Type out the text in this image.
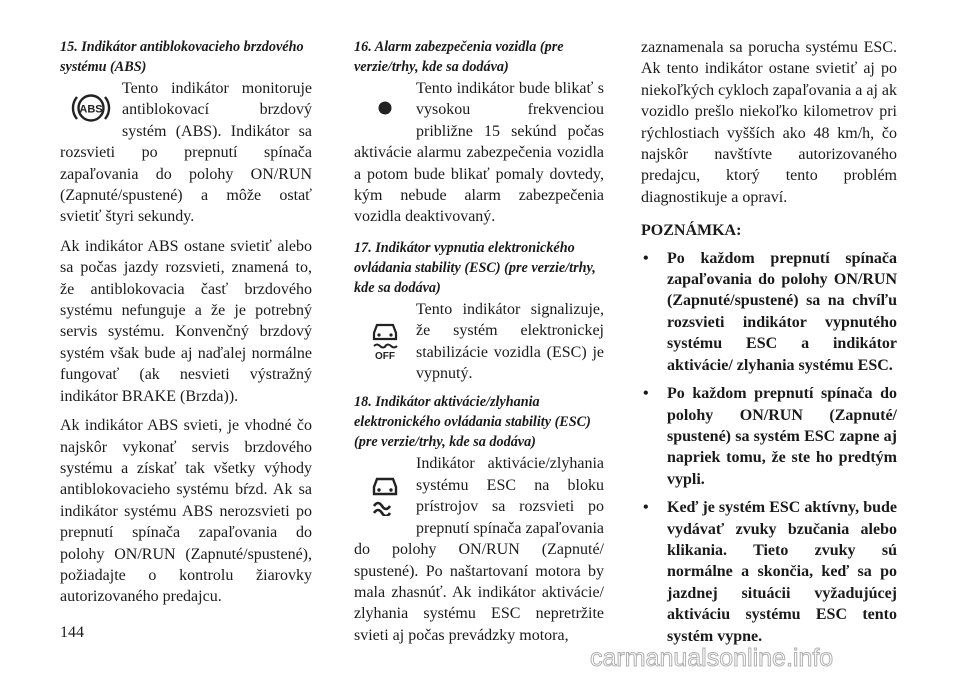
15. Indikátor antiblokovacieho brzdového systému (ABS)
ABS

Tento indikátor monitoruje antiblokovací brzdový systém (ABS). Indikátor sa rozsvieti po prepnutí spínača zapaľovania do polohy ON/RUN (Zapnuté/spustené) a môže ostať svietiť štyri sekundy.

Ak indikátor ABS ostane svietiť alebo sa počas jazdy rozsvieti, znamená to, že antiblokovacia časť brzdového systému nefunguje a že je potrebný servis systému. Konvenčný brzdový systém však bude aj naďalej normálne fungovať (ak nesvieti výstražný indikátor BRAKE (Brzda)).

Ak indikátor ABS svieti, je vhodné čo najskôr vykonať servis brzdového systému a získať tak všetky výhody antiblokovacieho systému bŕzd. Ak sa indikátor systému ABS nerozsvieti po prepnutí spínača zapaľovania do polohy ON/RUN (Zapnuté/spustené), požiadajte o kontrolu žiarovky autorizovaného predajcu.

16. Alarm zabezpečenia vozidla (pre verzie/trhy, kde sa dodáva)

Tento indikátor bude blikať s vysokou frekvenciou približne 15 sekúnd počas aktivácie alarmu zabezpečenia vozidla a potom bude blikať pomaly dovtedy, kým nebude alarm zabezpečenia vozidla deaktivovaný.

17. Indikátor vypnutia elektronického ovládania stability (ESC) (pre verzie/trhy, kde sa dodáva)
OFF

Tento indikátor signalizuje, že systém elektronickej stabilizácie vozidla (ESC) je vypnutý.

18. Indikátor aktivácie/zlyhania elektronického ovládania stability (ESC) (pre verzie/trhy, kde sa dodáva)

Indikátor aktivácie/zlyhania systému ESC na bloku prístrojov sa rozsvieti po prepnutí spínača zapaľovania do polohy ON/RUN (Zapnuté/ spustené). Po naštartovaní motora by mala zhasnúť. Ak indikátor aktivácie/ zlyhania systému ESC nepretržite svieti aj počas prevádzky motora,

zaznamenala sa porucha systému ESC. Ak tento indikátor ostane svietiť aj po niekoľkých cykloch zapaľovania a aj ak vozidlo prešlo niekoľko kilometrov pri rýchlostiach vyšších ako 48 km/h, čo najskôr navštívte autorizovaného predajcu, ktorý tento problém diagnostikuje a opraví.

POZNÁMKA:
• Po každom prepnutí spínača zapaľovania do polohy ON/RUN (Zapnuté/spustené) sa na chvíľu rozsvieti indikátor vypnutého systému ESC a indikátor aktivácie/ zlyhania systému ESC.
• Po každom prepnutí spínača do polohy ON/RUN (Zapnuté/ spustené) sa systém ESC zapne aj napriek tomu, že ste ho predtým vypli.
• Keď je systém ESC aktívny, bude vydávať zvuky bzučania alebo klikania. Tieto zvuky sú normálne a skončia, keď sa po jazdnej situácii vyžadujúcej aktiváciu systému ESC tento systém vypne.
144
carmanualsonline.info
